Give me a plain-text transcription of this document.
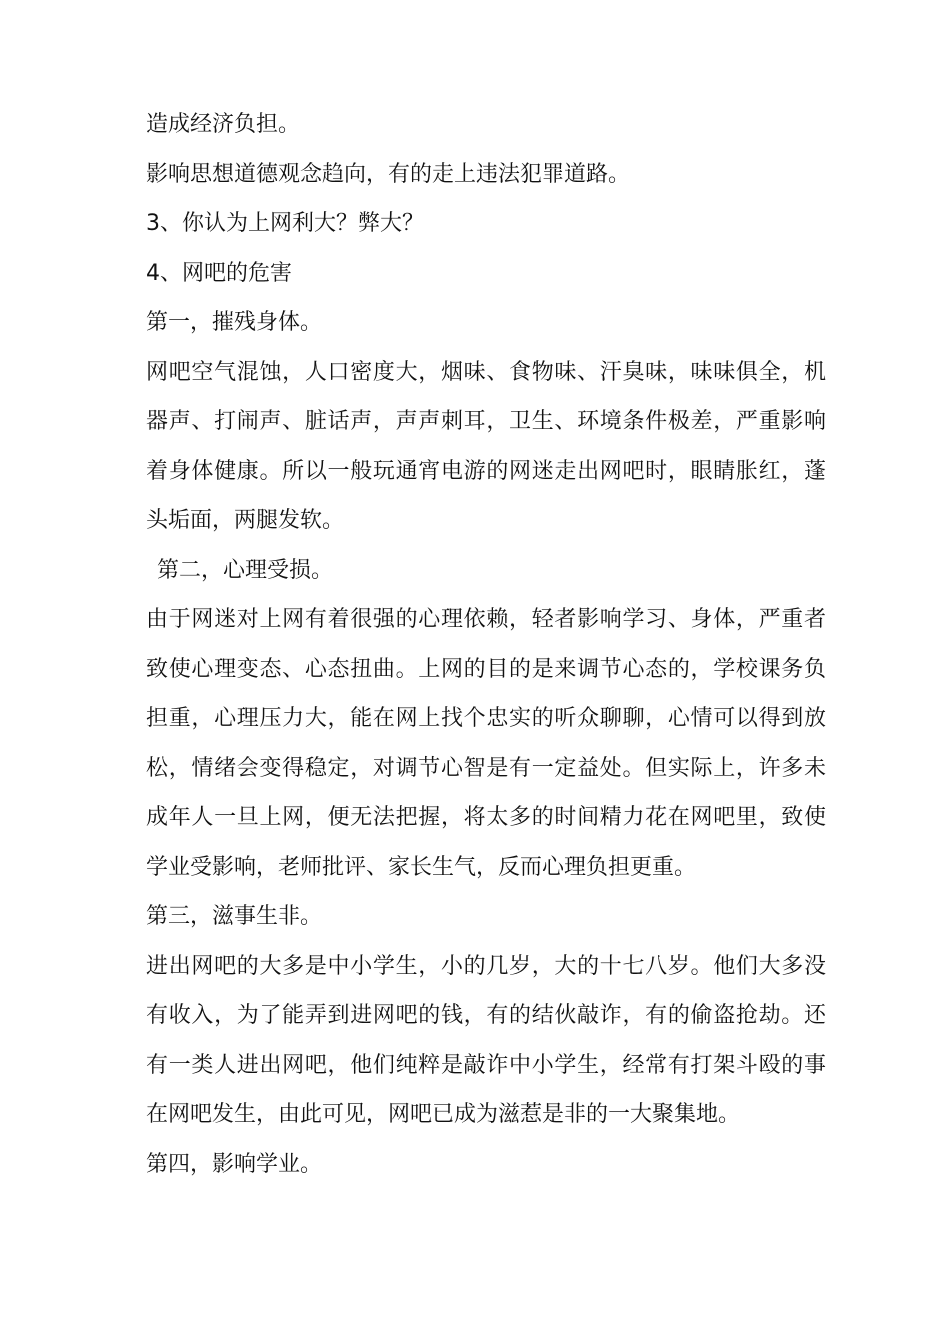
造成经济负担。

影响思想道德观念趋向，有的走上违法犯罪道路。

3、你认为上网利大？弊大？

4、网吧的危害

第一，摧残身体。

网吧空气混蚀，人口密度大，烟味、食物味、汗臭味，味味俱全，机器声、打闹声、脏话声，声声刺耳，卫生、环境条件极差，严重影响着身体健康。所以一般玩通宵电游的网迷走出网吧时，眼睛胀红，蓬头垢面，两腿发软。

第二，心理受损。

由于网迷对上网有着很强的心理依赖，轻者影响学习、身体，严重者致使心理变态、心态扭曲。上网的目的是来调节心态的，学校课务负担重，心理压力大，能在网上找个忠实的听众聊聊，心情可以得到放松，情绪会变得稳定，对调节心智是有一定益处。但实际上，许多未成年人一旦上网，便无法把握，将太多的时间精力花在网吧里，致使学业受影响，老师批评、家长生气，反而心理负担更重。

第三，滋事生非。

进出网吧的大多是中小学生，小的几岁，大的十七八岁。他们大多没有收入，为了能弄到进网吧的钱，有的结伙敲诈，有的偷盗抢劫。还有一类人进出网吧，他们纯粹是敲诈中小学生，经常有打架斗殴的事在网吧发生，由此可见，网吧已成为滋惹是非的一大聚集地。

第四，影响学业。
